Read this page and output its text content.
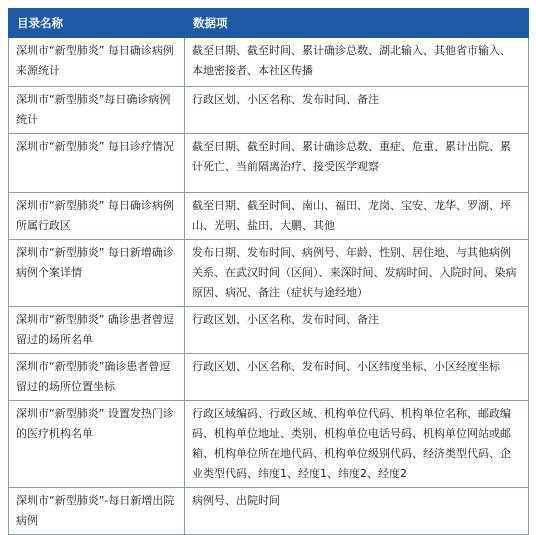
目录名称	数据项
深圳市“新型肺炎” 每日确诊病例来源统计	截至日期、截至时间、累计确诊总数、湖北输入、其他省市输入、本地密接者、本社区传播
深圳市“新型肺炎”每日确诊病例统计	行政区划、小区名称、发布时间、备注
深圳市“新型肺炎” 每日诊疗情况	截至日期、截至时间、累计确诊总数、重症、危重、累计出院、累计死亡、当前隔离治疗、接受医学观察
深圳市“新型肺炎” 每日确诊病例所属行政区	截至日期、截至时间、南山、福田、龙岗、宝安、龙华、罗湖、坪山、光明、盐田、大鹏、其他
深圳市“新型肺炎” 每日新增确诊病例个案详情	发布日期、发布时间、病例号、年龄、性别、居住地、与其他病例关系、在武汉时间（区间）、来深时间、发病时间、入院时间、染病原因、病况、备注（症状与途经地）
深圳市“新型肺炎” 确诊患者曾逗留过的场所名单	行政区划、小区名称、发布时间、备注
深圳市“新型肺炎”确诊患者曾逗留过的场所位置坐标	行政区划、小区名称、发布时间、小区纬度坐标、小区经度坐标
深圳市“新型肺炎” 设置发热门诊的医疗机构名单	行政区域编码、行政区域、机构单位代码、机构单位名称、邮政编码、机构单位地址、类别、机构单位电话号码、机构单位网站或邮箱、机构单位所在地代码、机构单位级别代码、经济类型代码、企业类型代码、纬度1、经度1、纬度2、经度2
深圳市“新型肺炎”-每日新增出院病例	病例号、出院时间
